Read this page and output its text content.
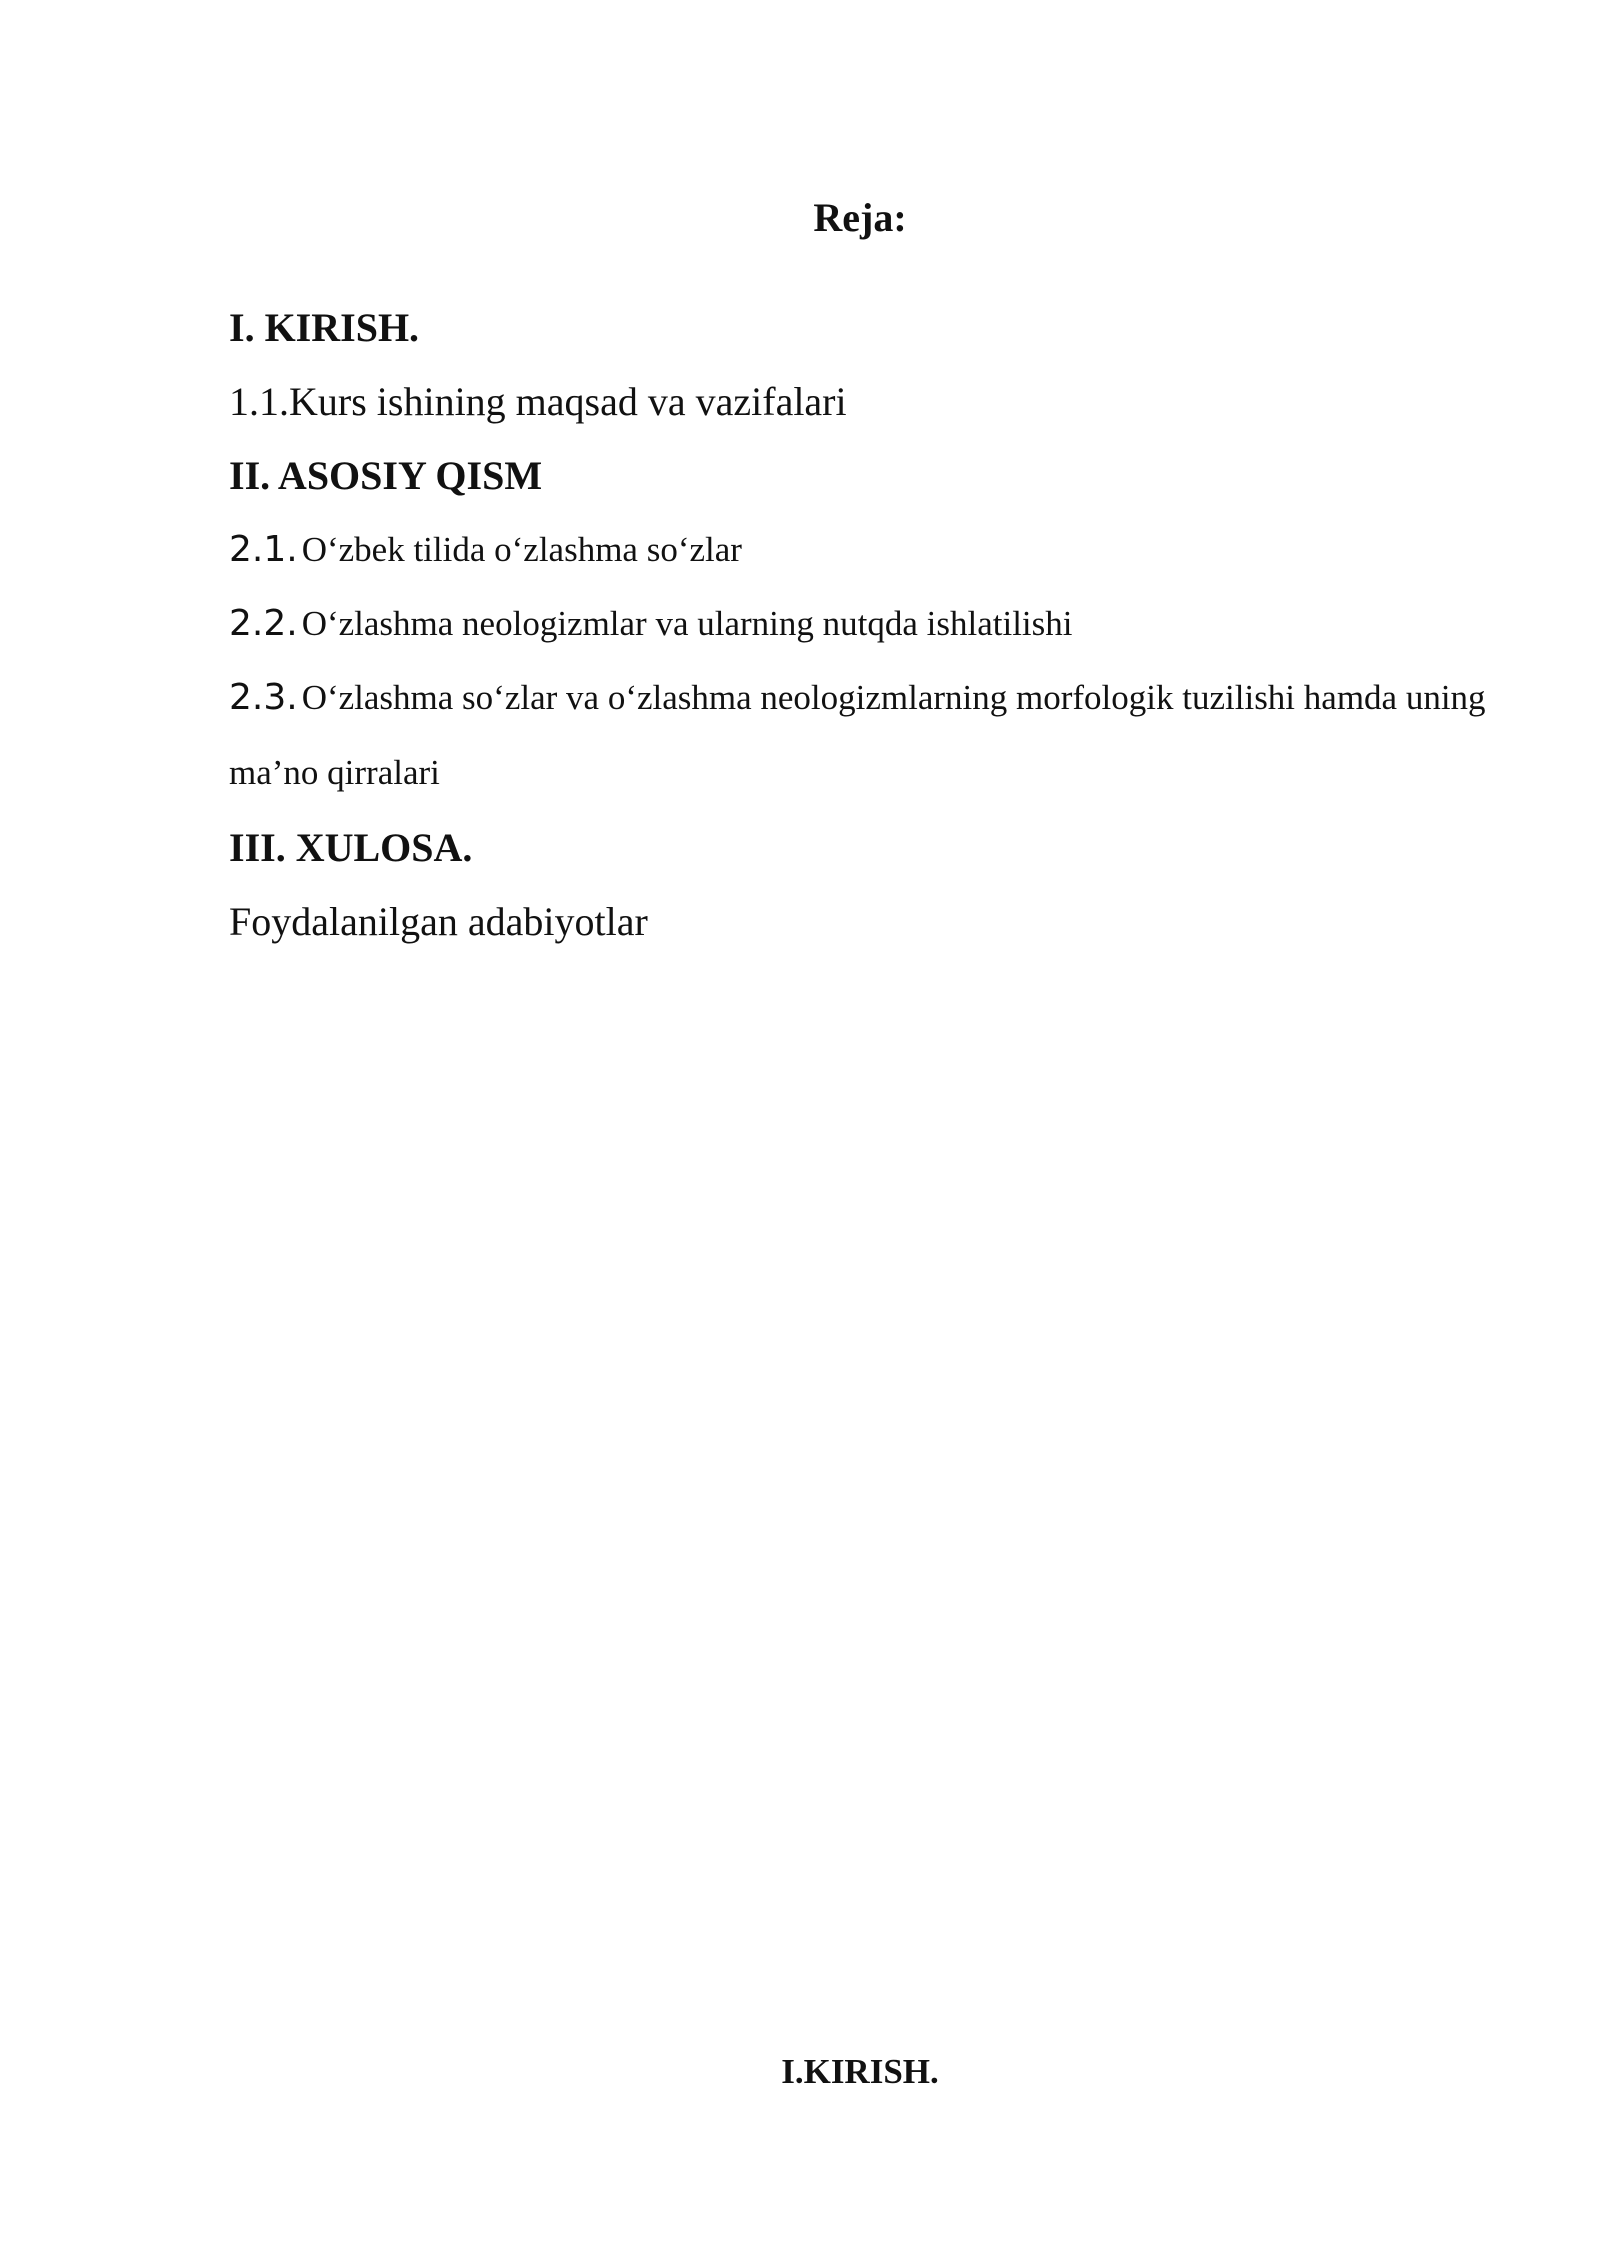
Reja:

I. KIRISH.

1.1.Kurs ishining maqsad va vazifalari

II. ASOSIY QISM

2.1. O‘zbek tilida o‘zlashma so‘zlar

2.2. O‘zlashma neologizmlar va ularning nutqda ishlatilishi

2.3. O‘zlashma so‘zlar va o‘zlashma neologizmlarning morfologik tuzilishi hamda uning ma’no qirralari

III. XULOSA.

Foydalanilgan adabiyotlar

I.KIRISH.
